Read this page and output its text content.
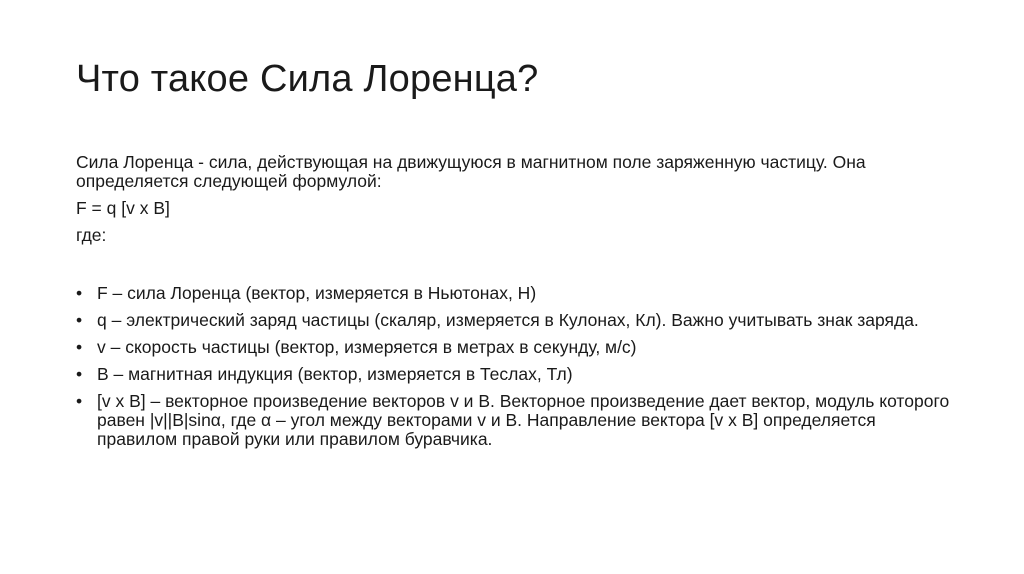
Что такое Сила Лоренца?
Сила Лоренца - сила, действующая на движущуюся в магнитном поле заряженную частицу. Она определяется следующей формулой:
F = q [v x B]
где:
• F – сила Лоренца (вектор, измеряется в Ньютонах, Н)
• q – электрический заряд частицы (скаляр, измеряется в Кулонах, Кл). Важно учитывать знак заряда.
• v – скорость частицы (вектор, измеряется в метрах в секунду, м/с)
• B – магнитная индукция (вектор, измеряется в Теслах, Тл)
• [v x B] – векторное произведение векторов v и B. Векторное произведение дает вектор, модуль которого равен |v||B|sinα, где α – угол между векторами v и B. Направление вектора [v x B] определяется правилом правой руки или правилом буравчика.
